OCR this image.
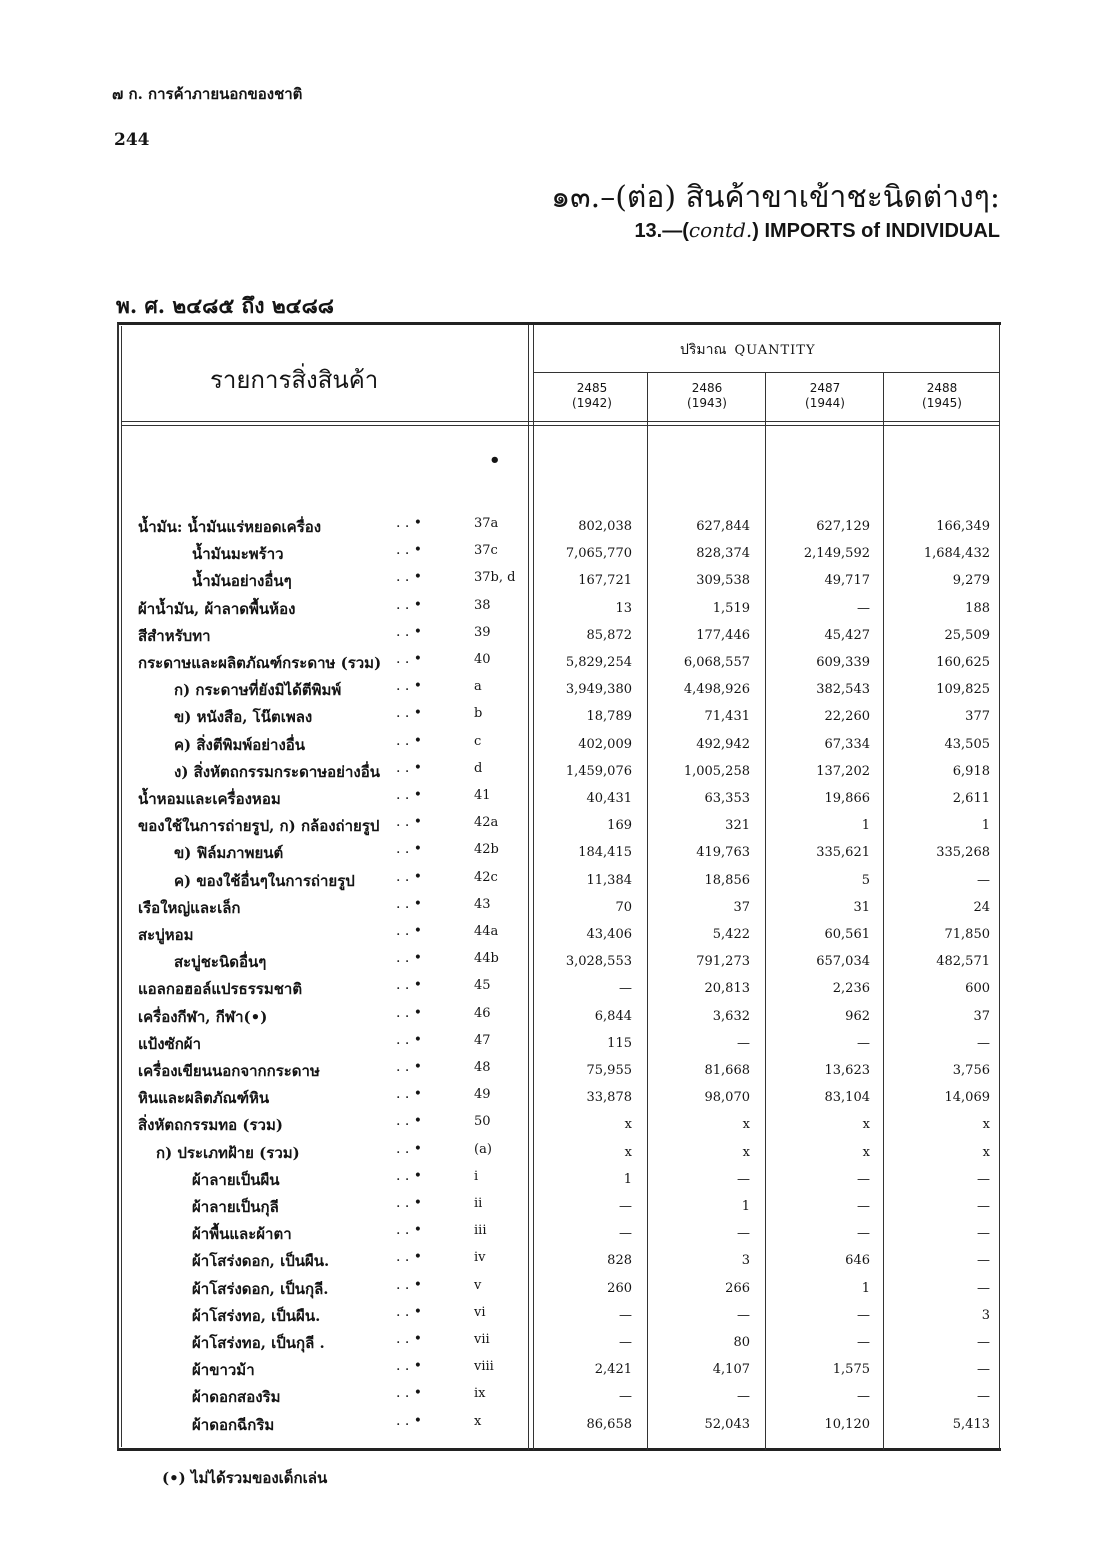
๗ ก. การค้าภายนอกของชาติ
244
๑๓.–(ต่อ) สินค้าขาเข้าชะนิดต่างๆ:
13.—(contd.) IMPORTS of INDIVIDUAL
พ. ศ. ๒๔๘๕ ถึง ๒๔๘๘
รายการสิ่งสินค้า
ปริมาณ QUANTITY
2485
(1942)
2486
(1943)
2487
(1944)
2488
(1945)
•
น้ำมัน: น้ำมันแร่หยอดเครื่อง	. . •	37a	802,038	627,844	627,129	166,349
น้ำมันมะพร้าว	. . •	37c	7,065,770	828,374	2,149,592	1,684,432
น้ำมันอย่างอื่นๆ	. . •	37b, d	167,721	309,538	49,717	9,279
ผ้าน้ำมัน, ผ้าลาดพื้นห้อง	. . •	38	13	1,519	—	188
สีสำหรับทา	. . •	39	85,872	177,446	45,427	25,509
กระดาษและผลิตภัณฑ์กระดาษ (รวม) . . •	40	5,829,254	6,068,557	609,339	160,625
ก) กระดาษที่ยังมิได้ตีพิมพ์	. . •	a	3,949,380	4,498,926	382,543	109,825
ข) หนังสือ, โน๊ตเพลง	. . •	b	18,789	71,431	22,260	377
ค) สิ่งตีพิมพ์อย่างอื่น	. . •	c	402,009	492,942	67,334	43,505
ง) สิ่งหัตถกรรมกระดาษอย่างอื่น . . •	d	1,459,076	1,005,258	137,202	6,918
น้ำหอมและเครื่องหอม	. . •	41	40,431	63,353	19,866	2,611
ของใช้ในการถ่ายรูป, ก) กล้องถ่ายรูป . . •	42a	169	321	1	1
ข) ฟิล์มภาพยนต์	. . •	42b	184,415	419,763	335,621	335,268
ค) ของใช้อื่นๆในการถ่ายรูป	. . •	42c	11,384	18,856	5	—
เรือใหญ่และเล็ก	. . •	43	70	37	31	24
สะบู่หอม	. . •	44a	43,406	5,422	60,561	71,850
สะบู่ชะนิดอื่นๆ	. . •	44b	3,028,553	791,273	657,034	482,571
แอลกอฮอล์แปรธรรมชาติ	. . •	45	—	20,813	2,236	600
เครื่องกีฬา, กีฬา(•)	. . •	46	6,844	3,632	962	37
แป้งซักผ้า	. . •	47	115	—	—	—
เครื่องเขียนนอกจากกระดาษ	. . •	48	75,955	81,668	13,623	3,756
หินและผลิตภัณฑ์หิน	. . •	49	33,878	98,070	83,104	14,069
สิ่งหัตถกรรมทอ (รวม)	. . •	50	x	x	x	x
ก) ประเภทฝ้าย (รวม)	. . •	(a)	x	x	x	x
ผ้าลายเป็นผืน	. . •	i	1	—	—	—
ผ้าลายเป็นกุลี	. . •	ii	—	1	—	—
ผ้าพื้นและผ้าตา	. . •	iii	—	—	—	—
ผ้าโสร่งดอก, เป็นผืน.	. . •	iv	828	3	646	—
ผ้าโสร่งดอก, เป็นกุลี.	. . •	v	260	266	1	—
ผ้าโสร่งทอ, เป็นผืน.	. . •	vi	—	—	—	3
ผ้าโสร่งทอ, เป็นกุลี .	. . •	vii	—	80	—	—
ผ้าขาวม้า	. . •	viii	2,421	4,107	1,575	—
ผ้าดอกสองริม	. . •	ix	—	—	—	—
ผ้าดอกฉีกริม	. . •	x	86,658	52,043	10,120	5,413
(•) ไม่ได้รวมของเด็กเล่น
